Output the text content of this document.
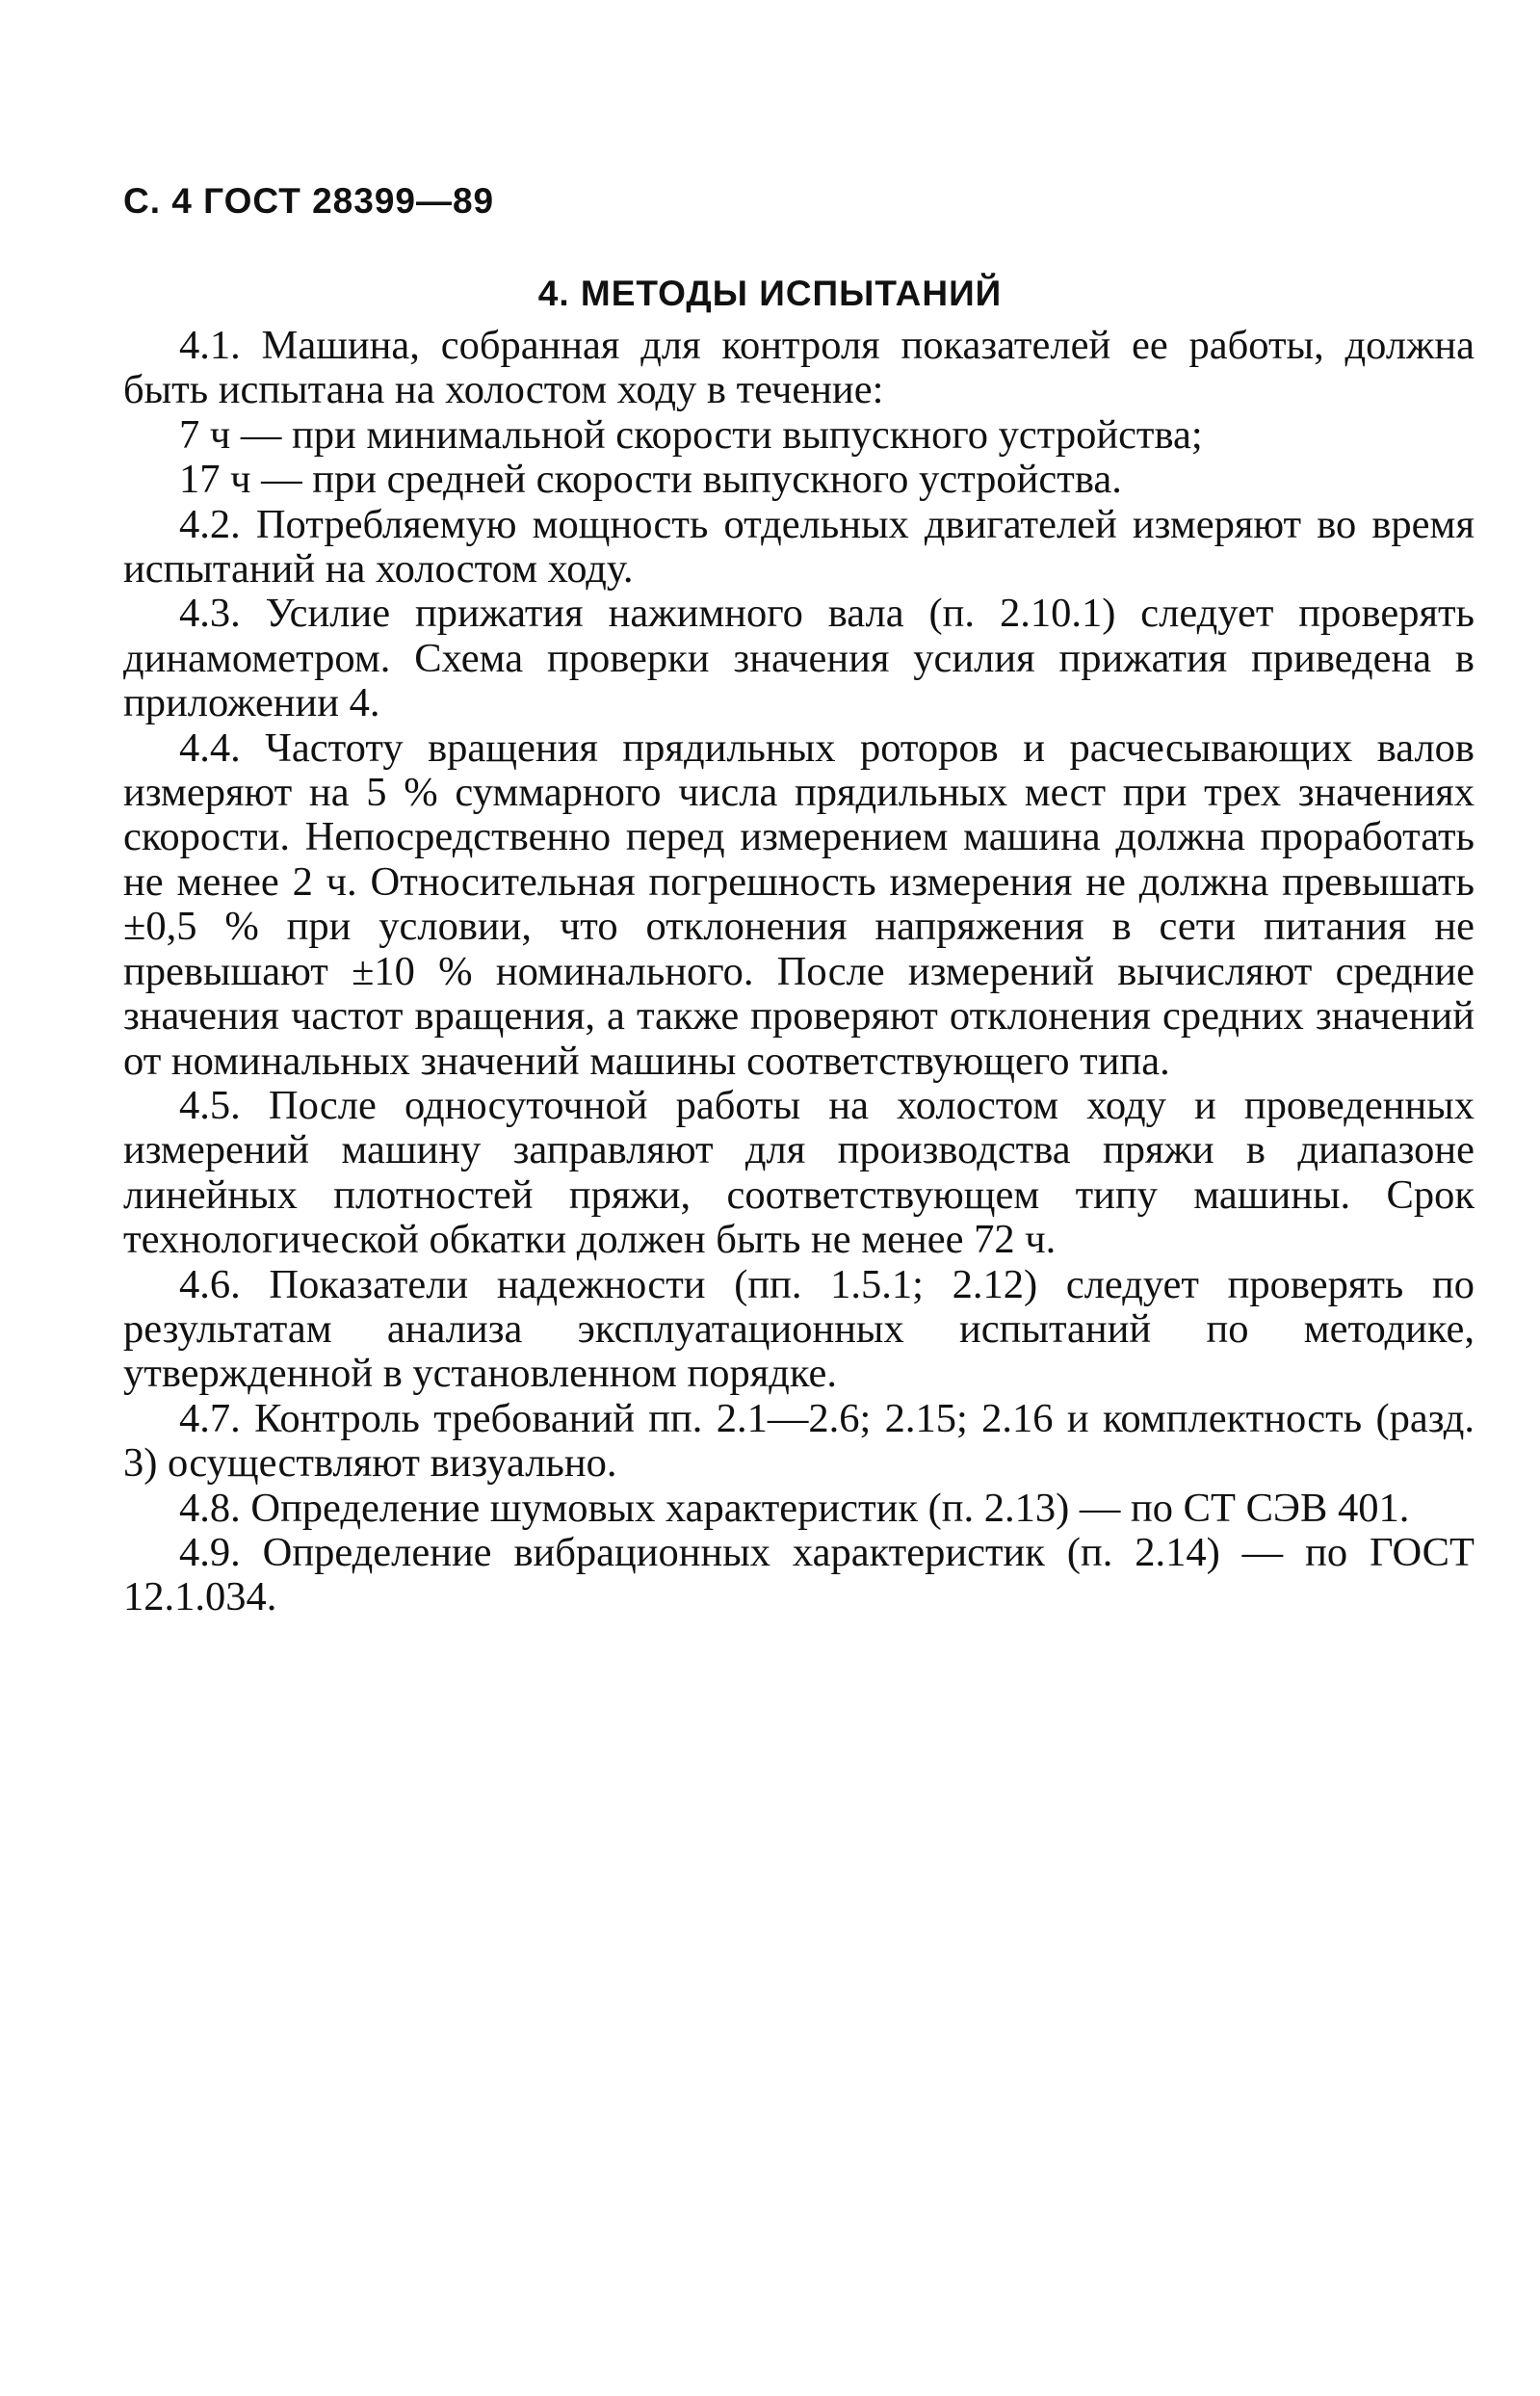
С. 4 ГОСТ 28399—89
4. МЕТОДЫ ИСПЫТАНИЙ

4.1. Машина, собранная для контроля показателей ее работы, должна быть испытана на холостом ходу в течение:

7 ч — при минимальной скорости выпускного устройства;

17 ч — при средней скорости выпускного устройства.

4.2. Потребляемую мощность отдельных двигателей измеряют во время испытаний на холостом ходу.

4.3. Усилие прижатия нажимного вала (п. 2.10.1) следует проверять динамометром. Схема проверки значения усилия прижатия приведена в приложении 4.

4.4. Частоту вращения прядильных роторов и расчесывающих валов измеряют на 5 % суммарного числа прядильных мест при трех значениях скорости. Непосредственно перед измерением машина должна проработать не менее 2 ч. Относительная погрешность измерения не должна превышать ±0,5 % при условии, что отклонения напряжения в сети питания не превышают ±10 % номинального. После измерений вычисляют средние значения частот вращения, а также проверяют отклонения средних значений от номинальных значений машины соответствующего типа.

4.5. После односуточной работы на холостом ходу и проведенных измерений машину заправляют для производства пряжи в диапазоне линейных плотностей пряжи, соответствующем типу машины. Срок технологической обкатки должен быть не менее 72 ч.

4.6. Показатели надежности (пп. 1.5.1; 2.12) следует проверять по результатам анализа эксплуатационных испытаний по методике, утвержденной в установленном порядке.

4.7. Контроль требований пп. 2.1—2.6; 2.15; 2.16 и комплектность (разд. 3) осуществляют визуально.

4.8. Определение шумовых характеристик (п. 2.13) — по СТ СЭВ 401.

4.9. Определение вибрационных характеристик (п. 2.14) — по ГОСТ 12.1.034.
